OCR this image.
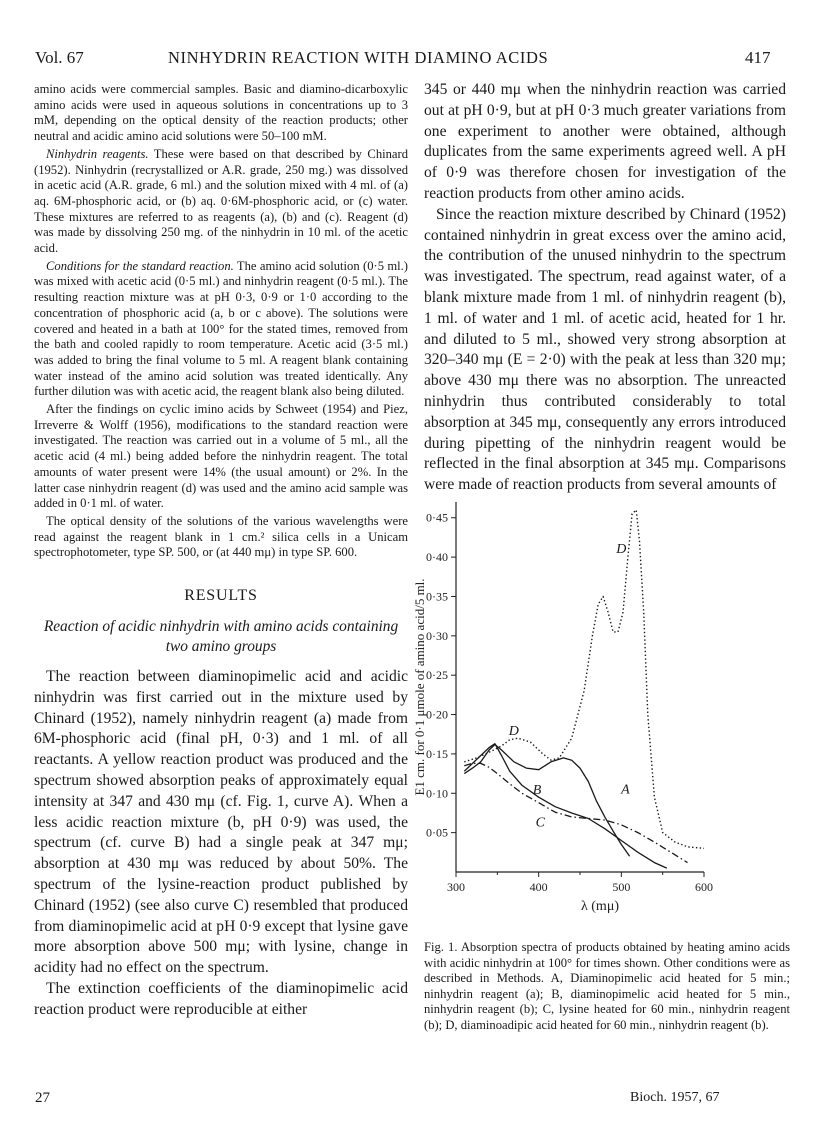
Vol. 67	NINHYDRIN REACTION WITH DIAMINO ACIDS	417

amino acids were commercial samples. Basic and diamino-dicarboxylic amino acids were used in aqueous solutions in concentrations up to 3 mM, depending on the optical density of the reaction products; other neutral and acidic amino acid solutions were 50–100 mM.

Ninhydrin reagents. These were based on that described by Chinard (1952). Ninhydrin (recrystallized or A.R. grade, 250 mg.) was dissolved in acetic acid (A.R. grade, 6 ml.) and the solution mixed with 4 ml. of (a) aq. 6M-phosphoric acid, or (b) aq. 0·6M-phosphoric acid, or (c) water. These mixtures are referred to as reagents (a), (b) and (c). Reagent (d) was made by dissolving 250 mg. of the ninhydrin in 10 ml. of the acetic acid.

Conditions for the standard reaction. The amino acid solution (0·5 ml.) was mixed with acetic acid (0·5 ml.) and ninhydrin reagent (0·5 ml.). The resulting reaction mixture was at pH 0·3, 0·9 or 1·0 according to the concentration of phosphoric acid (a, b or c above). The solutions were covered and heated in a bath at 100° for the stated times, removed from the bath and cooled rapidly to room temperature. Acetic acid (3·5 ml.) was added to bring the final volume to 5 ml. A reagent blank containing water instead of the amino acid solution was treated identically. Any further dilution was with acetic acid, the reagent blank also being diluted.

After the findings on cyclic imino acids by Schweet (1954) and Piez, Irreverre & Wolff (1956), modifications to the standard reaction were investigated. The reaction was carried out in a volume of 5 ml., all the acetic acid (4 ml.) being added before the ninhydrin reagent. The total amounts of water present were 14% (the usual amount) or 2%. In the latter case ninhydrin reagent (d) was used and the amino acid sample was added in 0·1 ml. of water.

The optical density of the solutions of the various wavelengths were read against the reagent blank in 1 cm.² silica cells in a Unicam spectrophotometer, type SP. 500, or (at 440 mμ) in type SP. 600.

RESULTS
Reaction of acidic ninhydrin with amino acids containing two amino groups

The reaction between diaminopimelic acid and acidic ninhydrin was first carried out in the mixture used by Chinard (1952), namely ninhydrin reagent (a) made from 6M-phosphoric acid (final pH, 0·3) and 1 ml. of all reactants. A yellow reaction product was produced and the spectrum showed absorption peaks of approximately equal intensity at 347 and 430 mμ (cf. Fig. 1, curve A). When a less acidic reaction mixture (b, pH 0·9) was used, the spectrum (cf. curve B) had a single peak at 347 mμ; absorption at 430 mμ was reduced by about 50%. The spectrum of the lysine-reaction product published by Chinard (1952) (see also curve C) resembled that produced from diaminopimelic acid at pH 0·9 except that lysine gave more absorption above 500 mμ; with lysine, change in acidity had no effect on the spectrum.

The extinction coefficients of the diaminopimelic acid reaction product were reproducible at either

345 or 440 mμ when the ninhydrin reaction was carried out at pH 0·9, but at pH 0·3 much greater variations from one experiment to another were obtained, although duplicates from the same experiments agreed well. A pH of 0·9 was therefore chosen for investigation of the reaction products from other amino acids.

Since the reaction mixture described by Chinard (1952) contained ninhydrin in great excess over the amino acid, the contribution of the unused ninhydrin to the spectrum was investigated. The spectrum, read against water, of a blank mixture made from 1 ml. of ninhydrin reagent (b), 1 ml. of water and 1 ml. of acetic acid, heated for 1 hr. and diluted to 5 ml., showed very strong absorption at 320–340 mμ (E = 2·0) with the peak at less than 320 mμ; above 430 mμ there was no absorption. The unreacted ninhydrin thus contributed considerably to total absorption at 345 mμ, consequently any errors introduced during pipetting of the ninhydrin reagent would be reflected in the final absorption at 345 mμ. Comparisons were made of reaction products from several amounts of

300	400	500	600
0·05
0·10
0·15
0·20
0·25
0·30
0·35
0·40
0·45
λ (mμ)
E1 cm. for 0·1 μmole of amino acid/5 ml.	A
B
C
D
D
Fig. 1. Absorption spectra of products obtained by heating amino acids with acidic ninhydrin at 100° for times shown. Other conditions were as described in Methods. A, Diaminopimelic acid heated for 5 min.; ninhydrin reagent (a); B, diaminopimelic acid heated for 5 min., ninhydrin reagent (b); C, lysine heated for 60 min., ninhydrin reagent (b); D, diaminoadipic acid heated for 60 min., ninhydrin reagent (b).
27	Bioch. 1957, 67
